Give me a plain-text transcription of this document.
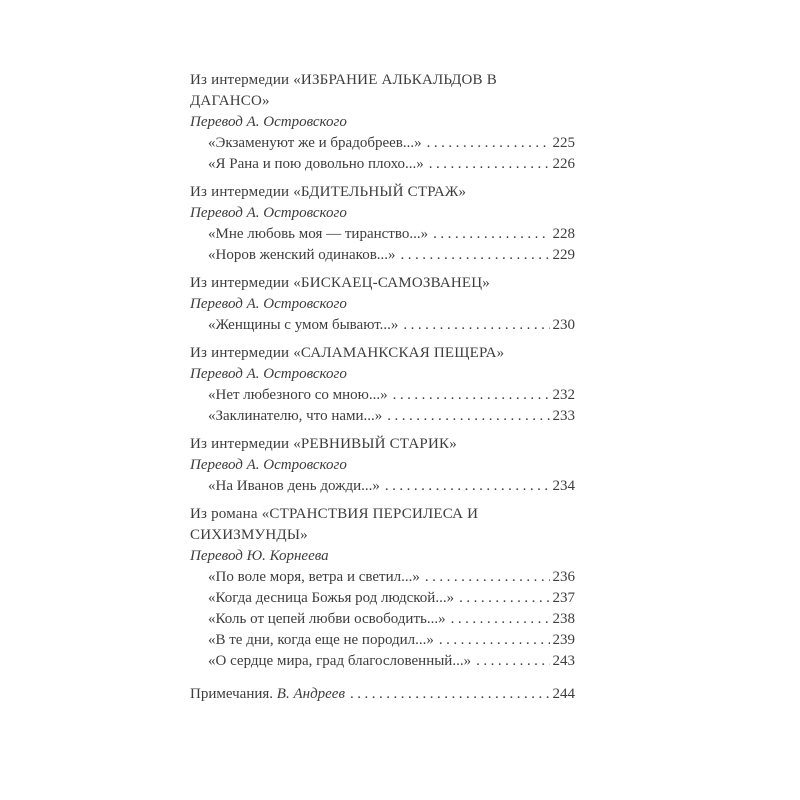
Из интермедии «ИЗБРАНИЕ АЛЬКАЛЬДОВ В ДАГАНСО»
Перевод А. Островского
«Экзаменуют же и брадобреев...» .....	225
«Я Рана и пою довольно плохо...» .....	226
Из интермедии «БДИТЕЛЬНЫЙ СТРАЖ»
Перевод А. Островского
«Мне любовь моя — тиранство...» .....	228
«Норов женский одинаков...» .....	229
Из интермедии «БИСКАЕЦ-САМОЗВАНЕЦ»
Перевод А. Островского
«Женщины с умом бывают...» .....	230
Из интермедии «САЛАМАНКСКАЯ ПЕЩЕРА»
Перевод А. Островского
«Нет любезного со мною...» .....	232
«Заклинателю, что нами...» .....	233
Из интермедии «РЕВНИВЫЙ СТАРИК»
Перевод А. Островского
«На Иванов день дожди...» .....	234
Из романа «СТРАНСТВИЯ ПЕРСИЛЕСА И СИХИЗМУНДЫ»
Перевод Ю. Корнеева
«По воле моря, ветра и светил...» .....	236
«Когда десница Божья род людской...» .....	237
«Коль от цепей любви освободить...» .....	238
«В те дни, когда еще не породил...» .....	239
«О сердце мира, град благословенный...» .....	243
Примечания. В. Андреев .....	244
